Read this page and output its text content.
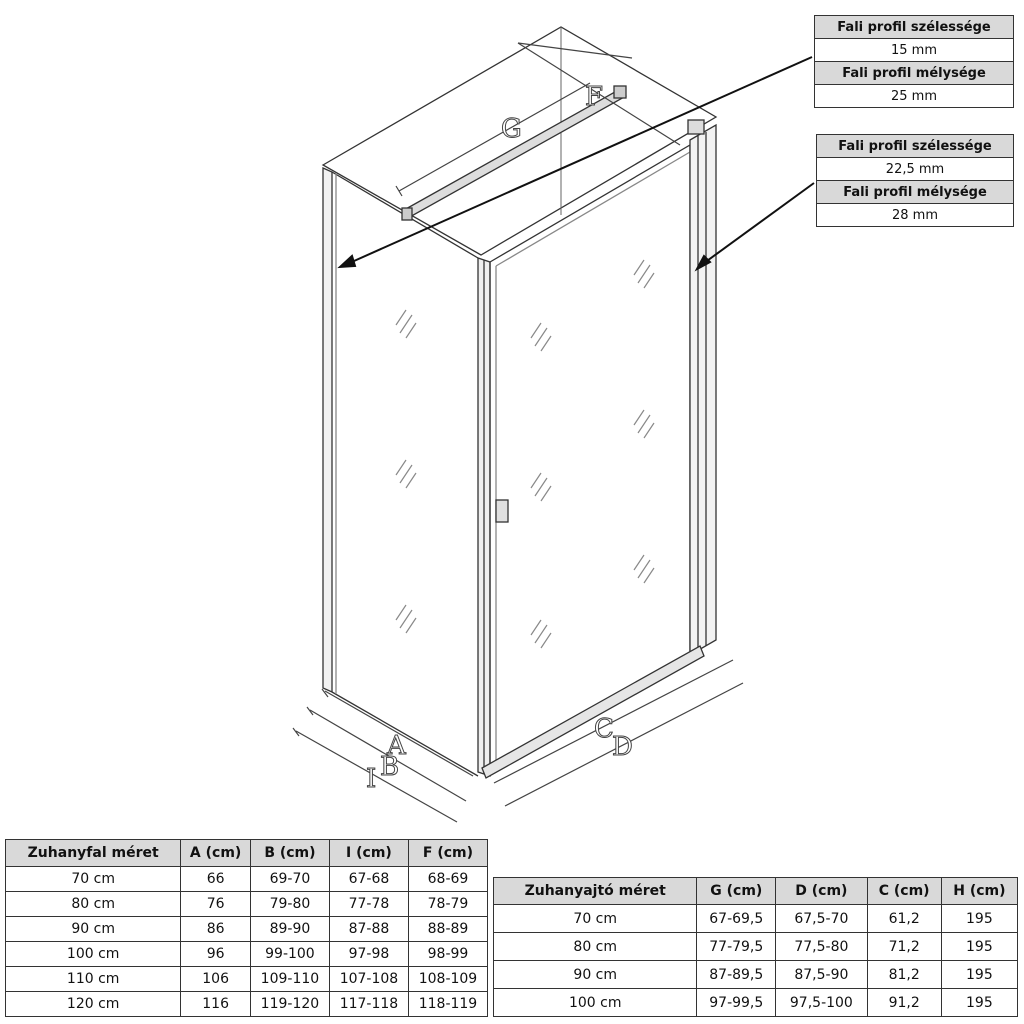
G
F
A
B
I
C
D
Fali profil szélessége
15 mm
Fali profil mélysége
25 mm
Fali profil szélessége
22,5 mm
Fali profil mélysége
28 mm
Zuhanyfal méret	A (cm)	B (cm)	I (cm)	F (cm)
70 cm	66	69-70	67-68	68-69
80 cm	76	79-80	77-78	78-79
90 cm	86	89-90	87-88	88-89
100 cm	96	99-100	97-98	98-99
110 cm	106	109-110	107-108	108-109
120 cm	116	119-120	117-118	118-119
Zuhanyajtó méret	G (cm)	D (cm)	C (cm)	H (cm)
70 cm	67-69,5	67,5-70	61,2	195
80 cm	77-79,5	77,5-80	71,2	195
90 cm	87-89,5	87,5-90	81,2	195
100 cm	97-99,5	97,5-100	91,2	195
